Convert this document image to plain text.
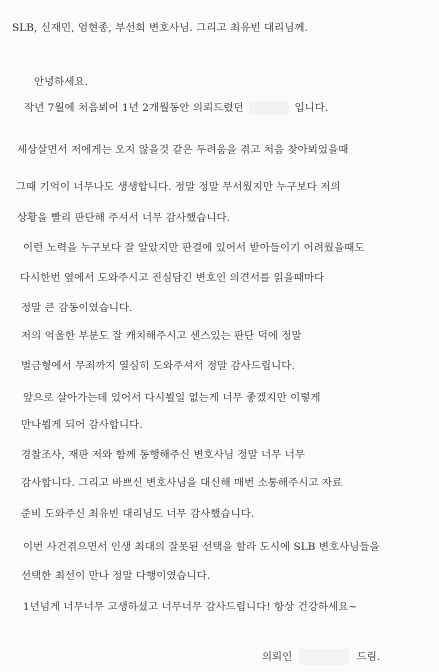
SLB, 신재민, 엄현종, 부선희 변호사님. 그리고 최유빈 대리님께.
안녕하세요.
작년 7월에 처음뵈어 1년 2개월동안 의뢰드렸던	입니다.
세상살면서 저에게는 오지 않을것 같은 두려움을 겪고 처음 찾아뵈었을때
그때 기억이 너무나도 생생합니다. 정말 정말 무서웠지만 누구보다 저의
상황을 빨리 판단해 주셔서 너무 감사했습니다.
이런 노력을 누구보다 잘 알았지만 판결에 있어서 받아들이기 어려웠을때도
다시한번 옆에서 도와주시고 진심담긴 변호인 의견서를 읽을때마다
정말 큰 감동이였습니다.
저의 억울한 부분도 잘 캐치해주시고 센스있는 판단 덕에 정말
벌금형에서 무죄까지 열심히 도와주셔서 정말 감사드립니다.
앞으로 살아가는데 있어서 다시뵐일 없는게 너무 좋겠지만 이렇게
만나뵙게 되어 감사합니다.
경찰조사, 재판 저와 함께 동행해주신 변호사님 정말 너무 너무
감사합니다. 그리고 바쁘신 변호사님을 대신해 매번 소통해주시고 자료
준비 도와주신 최유빈 대리님도 너무 감사했습니다.
이번 사건겪으면서 인생 최대의 잘못된 선택을 할라 도시에 SLB 변호사님들을
선택한 최선이 만나 정말 다행이였습니다.
1년넘게 너무너무 고생하셨고 너무너무 감사드립니다! 항상 건강하세요~
의뢰인	드림.
